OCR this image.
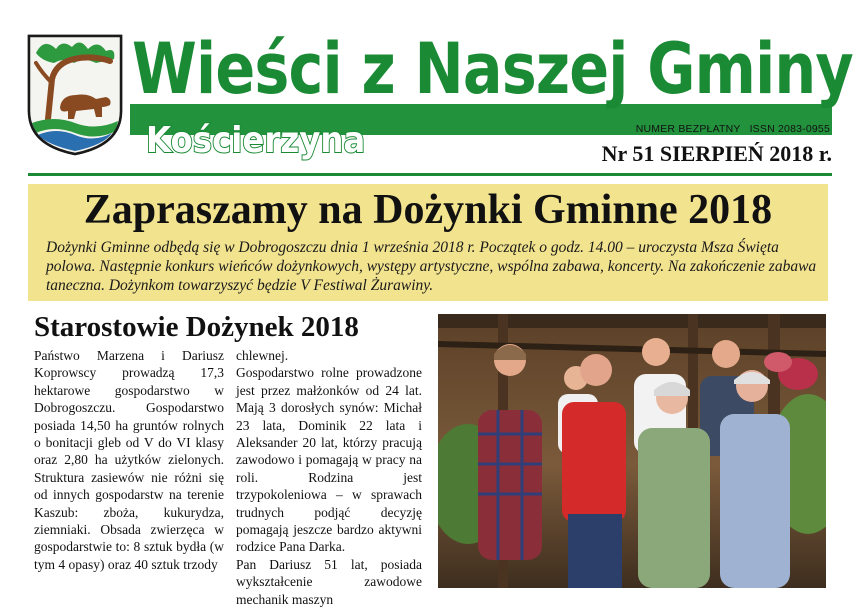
Wieści z Naszej Gminy
Kościerzyna	NUMER BEZPŁATNY ISSN 2083-0955
Nr 51 SIERPIEŃ 2018 r.
Zapraszamy na Dożynki Gminne 2018

Dożynki Gminne odbędą się w Dobrogoszczu dnia 1 września 2018 r. Początek o godz. 14.00 – uroczysta Msza Święta polowa. Następnie konkurs wieńców dożynkowych, występy artystyczne, wspólna zabawa, koncerty. Na zakończenie zabawa taneczna. Dożynkom towarzyszyć będzie V Festiwal Żurawiny.

Starostowie Dożynek 2018

Państwo Marzena i Dariusz Koprowscy prowadzą 17,3 hektarowe gospodarstwo w Dobrogoszczu. Gospodarstwo posiada 14,50 ha gruntów rolnych o bonitacji gleb od V do VI klasy oraz 2,80 ha użytków zielonych. Struktura zasiewów nie różni się od innych gospodarstw na terenie Kaszub: zboża, kukurydza, ziemniaki. Obsada zwierzęca w gospodarstwie to: 8 sztuk bydła (w tym 4 opasy) oraz 40 sztuk trzody

chlewnej.

Gospodarstwo rolne prowadzone jest przez małżonków od 24 lat. Mają 3 dorosłych synów: Michał 23 lata, Dominik 22 lata i Aleksander 20 lat, którzy pracują zawodowo i pomagają w pracy na roli. Rodzina jest trzypokoleniowa – w sprawach trudnych podjąć decyzję pomagają jeszcze bardzo aktywni rodzice Pana Darka.

Pan Dariusz 51 lat, posiada wykształcenie zawodowe mechanik maszyn
